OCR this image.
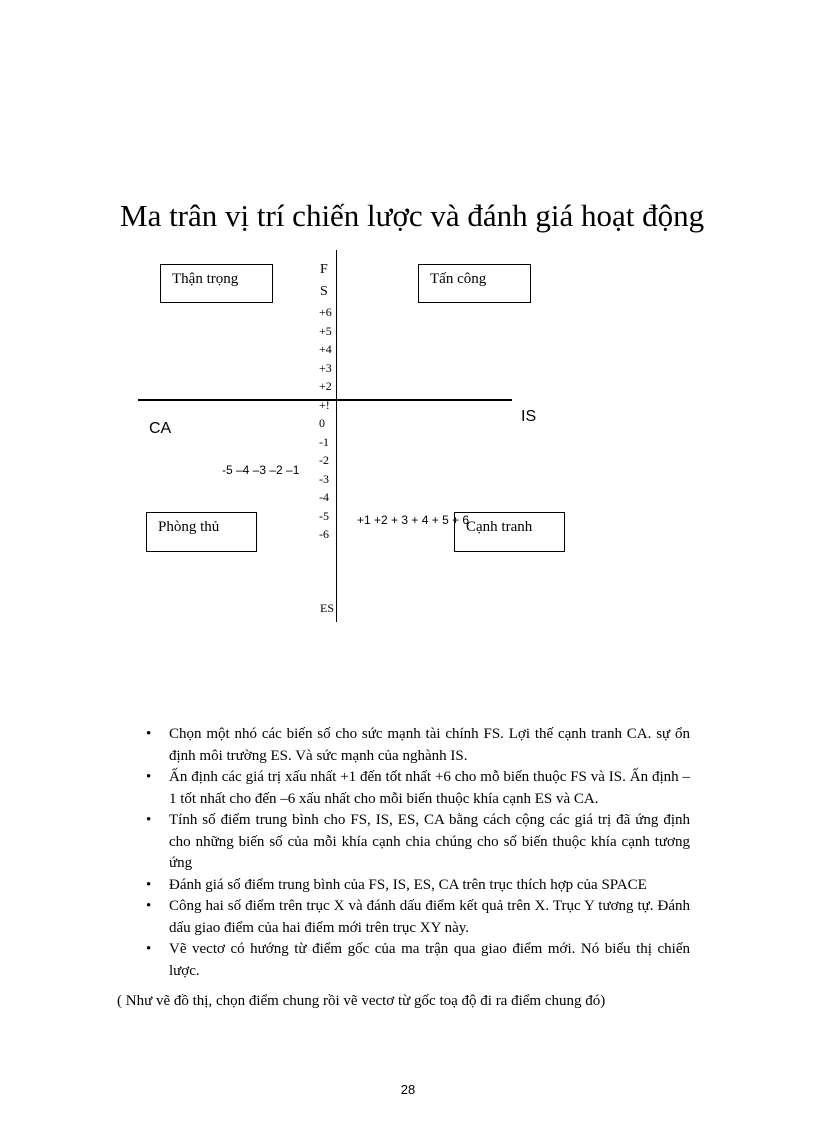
Ma trân vị trí chiến lược và đánh giá hoạt động
Thận trọng	Tấn công
Phòng thủ	Cạnh tranh
F
S
+6
+5
+4
+3
+2
+!
0
-1
-2
-3
-4
-5
-6
CA
IS
-5 –4 –3 –2 –1
+1 +2 + 3 + 4 + 5 + 6
ES
• Chọn một nhó các biến số cho sức mạnh tài chính FS. Lợi thế cạnh tranh CA. sự ổn định môi trường ES. Và sức mạnh của nghành IS.
• Ấn định các giá trị xấu nhất +1 đến tốt nhất +6 cho mỗ biến thuộc FS và IS. Ấn định –1 tốt nhất cho đến –6 xấu nhất cho mỗi biến thuộc khía cạnh ES và CA.
• Tính số điểm trung bình cho FS, IS, ES, CA bằng cách cộng các giá trị đã ứng định cho những biến số của mỗi khía cạnh chia chúng cho số biến thuộc khía cạnh tương ứng
• Đánh giá số điểm trung bình của FS, IS, ES, CA trên trục thích hợp của SPACE
• Công hai số điểm trên trục X và đánh dấu điểm kết quả trên X. Trục Y tương tự. Đánh dấu giao điểm của hai điểm mới trên trục XY này.
• Vẽ vectơ có hướng từ điểm gốc của ma trận qua giao điểm mới. Nó biểu thị chiến lược.
( Như vẽ đồ thị, chọn điểm chung rồi vẽ vectơ từ gốc toạ độ đi ra điểm chung đó)
28
